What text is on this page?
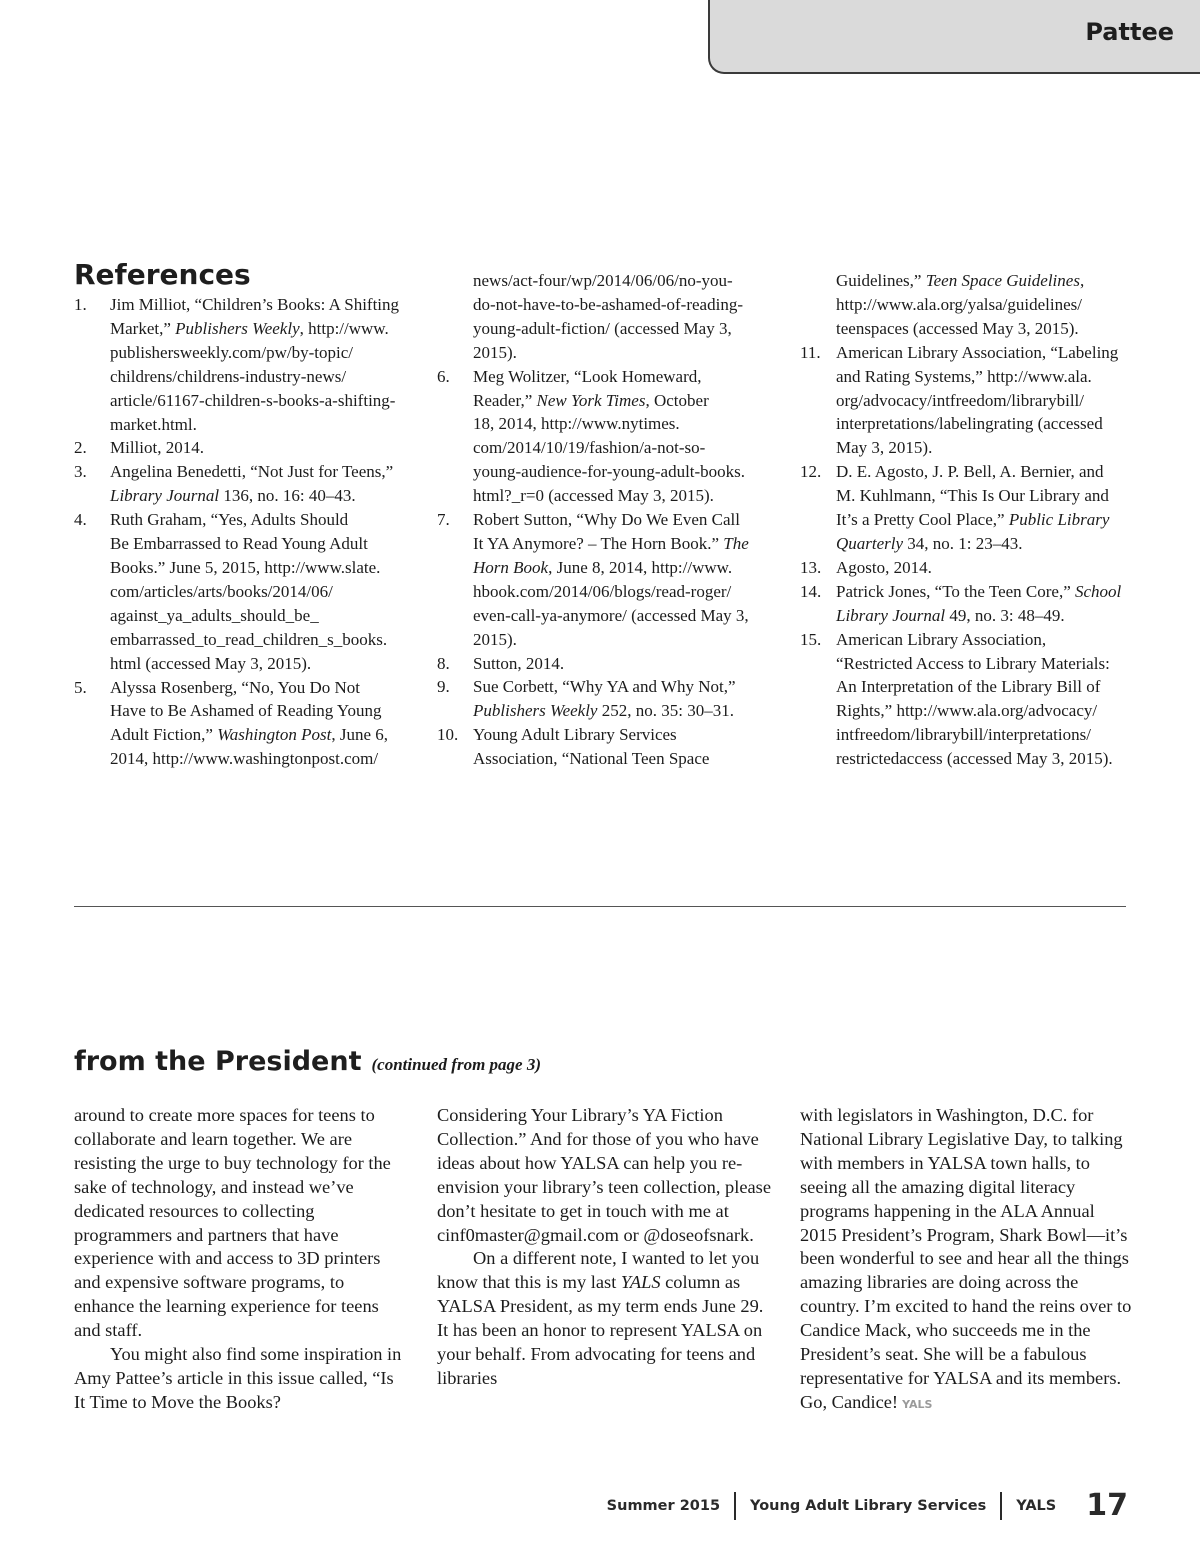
Pattee
References
1. Jim Milliot, “Children’s Books: A Shifting
Market,” Publishers Weekly, http://www.
publishersweekly.com/pw/by-topic/
childrens/childrens-industry-news/
article/61167-children-s-books-a-shifting-
market.html.
2. Milliot, 2014.
3. Angelina Benedetti, “Not Just for Teens,”
Library Journal 136, no. 16: 40–43.
4. Ruth Graham, “Yes, Adults Should
Be Embarrassed to Read Young Adult
Books.” June 5, 2015, http://www.slate.
com/articles/arts/books/2014/06/
against_ya_adults_should_be_
embarrassed_to_read_children_s_books.
html (accessed May 3, 2015).
5. Alyssa Rosenberg, “No, You Do Not
Have to Be Ashamed of Reading Young
Adult Fiction,” Washington Post, June 6,
2014, http://www.washingtonpost.com/
news/act-four/wp/2014/06/06/no-you-
do-not-have-to-be-ashamed-of-reading-
young-adult-fiction/ (accessed May 3,
2015).
6. Meg Wolitzer, “Look Homeward,
Reader,” New York Times, October
18, 2014, http://www.nytimes.
com/2014/10/19/fashion/a-not-so-
young-audience-for-young-adult-books.
html?_r=0 (accessed May 3, 2015).
7. Robert Sutton, “Why Do We Even Call
It YA Anymore? – The Horn Book.” The
Horn Book, June 8, 2014, http://www.
hbook.com/2014/06/blogs/read-roger/
even-call-ya-anymore/ (accessed May 3,
2015).
8. Sutton, 2014.
9. Sue Corbett, “Why YA and Why Not,”
Publishers Weekly 252, no. 35: 30–31.
10. Young Adult Library Services
Association, “National Teen Space
Guidelines,” Teen Space Guidelines,
http://www.ala.org/yalsa/guidelines/
teenspaces (accessed May 3, 2015).
11. American Library Association, “Labeling
and Rating Systems,” http://www.ala.
org/advocacy/intfreedom/librarybill/
interpretations/labelingrating (accessed
May 3, 2015).
12. D. E. Agosto, J. P. Bell, A. Bernier, and
M. Kuhlmann, “This Is Our Library and
It’s a Pretty Cool Place,” Public Library
Quarterly 34, no. 1: 23–43.
13. Agosto, 2014.
14. Patrick Jones, “To the Teen Core,” School
Library Journal 49, no. 3: 48–49.
15. American Library Association,
“Restricted Access to Library Materials:
An Interpretation of the Library Bill of
Rights,” http://www.ala.org/advocacy/
intfreedom/librarybill/interpretations/
restrictedaccess (accessed May 3, 2015).
from the President (continued from page 3)

around to create more spaces for teens to collaborate and learn together. We are resisting the urge to buy technology for the sake of technology, and instead we’ve dedicated resources to collecting programmers and partners that have experience with and access to 3D printers and expensive software programs, to enhance the learning experience for teens and staff.

You might also find some inspiration in Amy Pattee’s article in this issue called, “Is It Time to Move the Books?

Considering Your Library’s YA Fiction Collection.” And for those of you who have ideas about how YALSA can help you re-envision your library’s teen collection, please don’t hesitate to get in touch with me at cinf0master@gmail.com or @doseofsnark.

On a different note, I wanted to let you know that this is my last YALS column as YALSA President, as my term ends June 29. It has been an honor to represent YALSA on your behalf. From advocating for teens and libraries

with legislators in Washington, D.C. for National Library Legislative Day, to talking with members in YALSA town halls, to seeing all the amazing digital literacy programs happening in the ALA Annual 2015 President’s Program, Shark Bowl—it’s been wonderful to see and hear all the things amazing libraries are doing across the country. I’m excited to hand the reins over to Candice Mack, who succeeds me in the President’s seat. She will be a fabulous representative for YALSA and its members. Go, Candice! YALS

Summer 2015 Young Adult Library Services YALS 17
